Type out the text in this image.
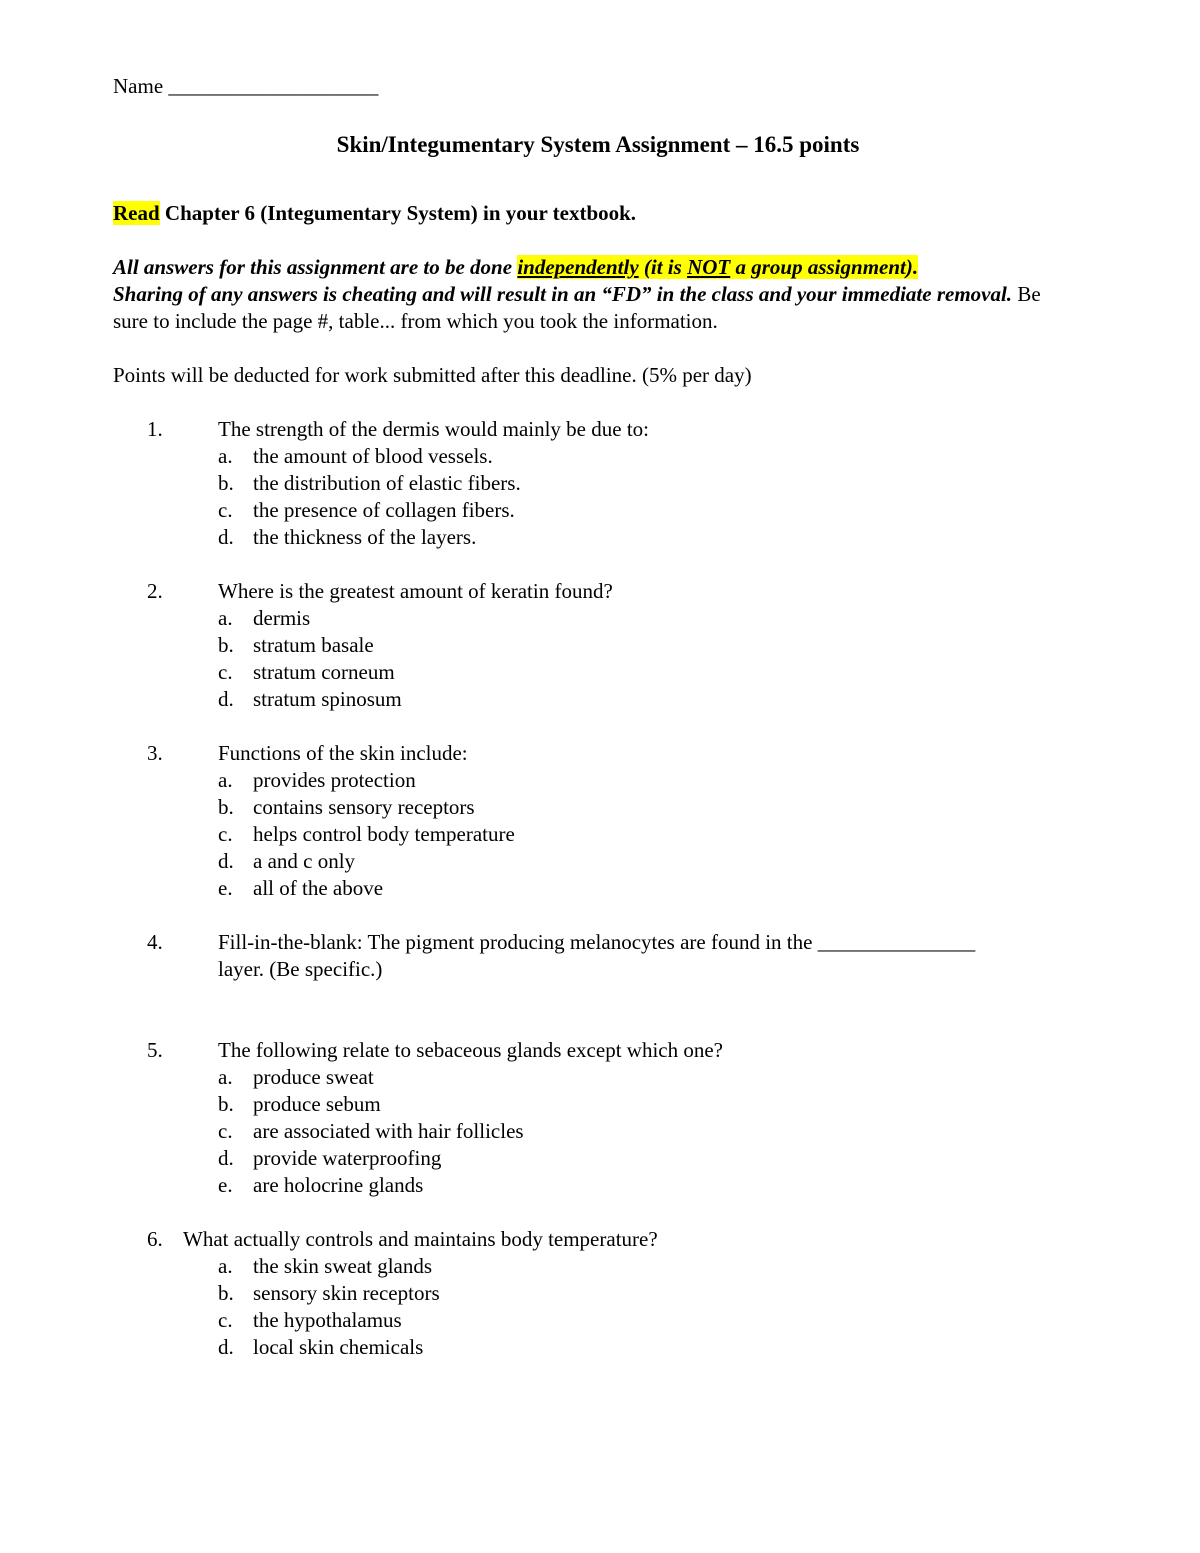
Name ____________________
Skin/Integumentary System Assignment – 16.5 points
Read Chapter 6 (Integumentary System) in your textbook.
All answers for this assignment are to be done independently (it is NOT a group assignment).
Sharing of any answers is cheating and will result in an “FD” in the class and your immediate removal. Be sure to include the page #, table... from which you took the information.
Points will be deducted for work submitted after this deadline. (5% per day)
1.	The strength of the dermis would mainly be due to:
a. the amount of blood vessels.
b. the distribution of elastic fibers.
c. the presence of collagen fibers.
d. the thickness of the layers.
2.	Where is the greatest amount of keratin found?
a. dermis
b. stratum basale
c. stratum corneum
d. stratum spinosum
3.	Functions of the skin include:
a. provides protection
b. contains sensory receptors
c. helps control body temperature
d. a and c only
e. all of the above
4.	Fill-in-the-blank: The pigment producing melanocytes are found in the _______________
layer. (Be specific.)
5.	The following relate to sebaceous glands except which one?
a. produce sweat
b. produce sebum
c. are associated with hair follicles
d. provide waterproofing
e. are holocrine glands
6. What actually controls and maintains body temperature?
a. the skin sweat glands
b. sensory skin receptors
c. the hypothalamus
d. local skin chemicals
